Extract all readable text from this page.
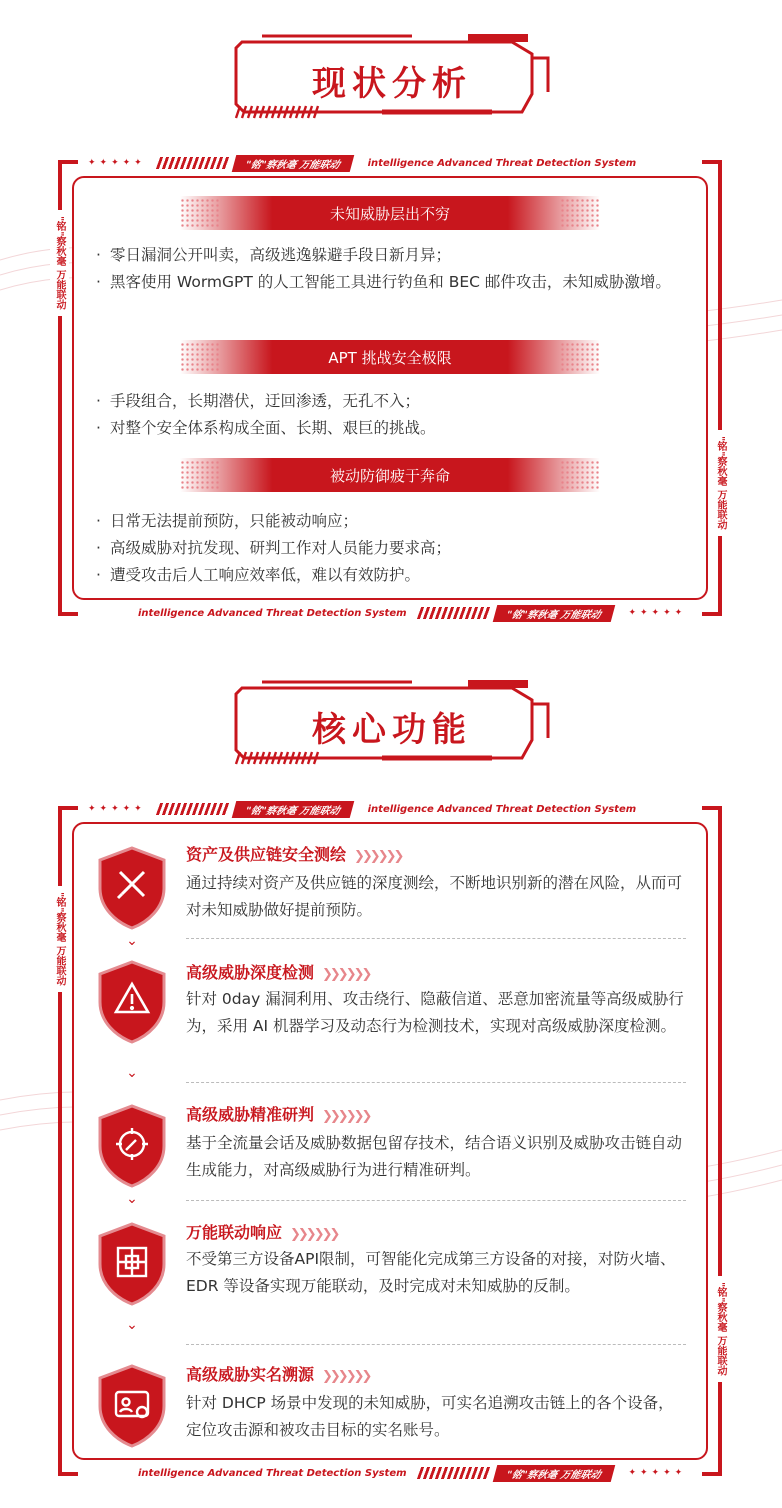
现状分析
✦✦✦✦✦	"铭"察秋毫 万能联动	intelligence Advanced Threat Detection System
intelligence Advanced Threat Detection System	"铭"察秋毫 万能联动	✦✦✦✦✦
"铭"察秋毫 万能联动
"铭"察秋毫 万能联动
未知威胁层出不穷
· 零日漏洞公开叫卖，高级逃逸躲避手段日新月异；
· 黑客使用 WormGPT 的人工智能工具进行钓鱼和 BEC 邮件攻击，未知威胁激增。
APT 挑战安全极限
· 手段组合，长期潜伏，迂回渗透，无孔不入；
· 对整个安全体系构成全面、长期、艰巨的挑战。
被动防御疲于奔命
· 日常无法提前预防，只能被动响应；
· 高级威胁对抗发现、研判工作对人员能力要求高；
· 遭受攻击后人工响应效率低，难以有效防护。
核心功能
✦✦✦✦✦	"铭"察秋毫 万能联动	intelligence Advanced Threat Detection System
intelligence Advanced Threat Detection System	"铭"察秋毫 万能联动	✦✦✦✦✦
"铭"察秋毫 万能联动
"铭"察秋毫 万能联动
⌄
资产及供应链安全测绘 ❯❯❯❯❯❯
通过持续对资产及供应链的深度测绘，不断地识别新的潜在风险，从而可对未知威胁做好提前预防。
⌄
高级威胁深度检测 ❯❯❯❯❯❯
针对 0day 漏洞利用、攻击绕行、隐蔽信道、恶意加密流量等高级威胁行为，采用 AI 机器学习及动态行为检测技术，实现对高级威胁深度检测。
⌄
高级威胁精准研判 ❯❯❯❯❯❯
基于全流量会话及威胁数据包留存技术，结合语义识别及威胁攻击链自动生成能力，对高级威胁行为进行精准研判。
⌄
万能联动响应 ❯❯❯❯❯❯
不受第三方设备API限制，可智能化完成第三方设备的对接，对防火墙、EDR 等设备实现万能联动，及时完成对未知威胁的反制。
高级威胁实名溯源 ❯❯❯❯❯❯
针对 DHCP 场景中发现的未知威胁，可实名追溯攻击链上的各个设备，定位攻击源和被攻击目标的实名账号。
